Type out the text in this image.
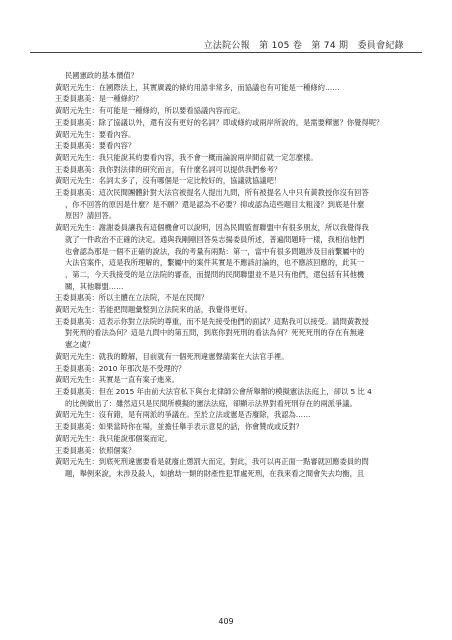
立法院公報 第 105 卷 第 74 期 委員會紀錄
民國憲政的基本價值？
黃昭元先生：在國際法上，其實廣義的條約用語非常多，而協議也有可能是一種條約……
王委員惠美：是一種條約？
黃昭元先生：有可能是一種條約，所以要看協議內容而定。
王委員惠美：除了協議以外，還有沒有更好的名詞？即或條約或兩岸所說的，是需要釋憲？你覺得呢？
黃昭元先生：要看內容。
王委員惠美：要看內容？
黃昭元先生：我只能說其約要看內容，我不會一概而論說兩岸間訂就一定怎麼樣。
王委員惠美：我你對法律的研究而言，有什麼名詞可以提供我們參考？
黃昭元先生：名詞太多了，沒有哪個是一定比較好的，協議就協議吧！
王委員惠美：這次民間團體針對大法官被提名人提出九問，所有被提名人中只有黃教授你沒有回答
，你不回答的原因是什麼？是不願？還是認為不必要？抑或認為這些題目太粗淺？到底是什麼
原因？請回答。
黃昭元先生：謝謝委員讓我有這個機會可以說明，因為民間監督聯盟中有很多朋友，所以我覺得我
就了一件政治不正確的決定。通與我剛剛回答吳志揚委員所述，普遍問題時一樣，我相信他們
也會認為那是一個不正確的說法，我的考量有兩點：第一，當中有很多問題涉及目前繫屬中的
大法官案件，這是我所理解的，繫屬中的案件其實是不應該討論的，也不應該回應的，此其一
，第二，今天我接受的是立法院的審查，而提問的民間聯盟並不是只有他們，還包括有其他機
關，其他聯盟……
王委員惠美：所以主體在立法院，不是在民間？
黃昭元先生：若能把問題彙整到立法院來的話，我覺得更好。
王委員惠美：這表示你對立法院的尊重，而不是先接受他們的面試？這點我可以接受。請問黃教授
對死刑的看法為何？這是九問中的第五問，到底你對死刑的看法為何？死死死刑的存在有無違
憲之虞？
黃昭元先生：就我的瞭解，目前就有一個死刑違憲聲請案在大法官手裡。
王委員惠美：2010 年那次是不受理的？
黃昭元先生：其實是一直有案子進來。
王委員惠美：但在 2015 年由前大法官私下與台北律師公會所舉辦的模擬憲法法庭上，卻以 5 比 4
的比例做出了：雖然這只是民間所模擬的憲法法庭，卻顯示法界對看死刑存在的兩派爭議。
黃昭元先生：沒有錯，是有兩派的爭議在。至於立法或憲是否廢除，我認為……
王委員惠美：如果當時你在場，並擔任舉手表示意見的話，你會贊成或反對？
黃昭元先生：我只能說那個案而定。
王委員惠美：依照個案？
黃昭元先生：到底死刑違憲要看是就廢止懲罰大而定，對此，我可以再正面一點審就回應委員的問
題，舉例來說，未涉及殺人，如搶劫一類的財產性犯罪處死刑，在我來看之間會失去均衡，且
409
